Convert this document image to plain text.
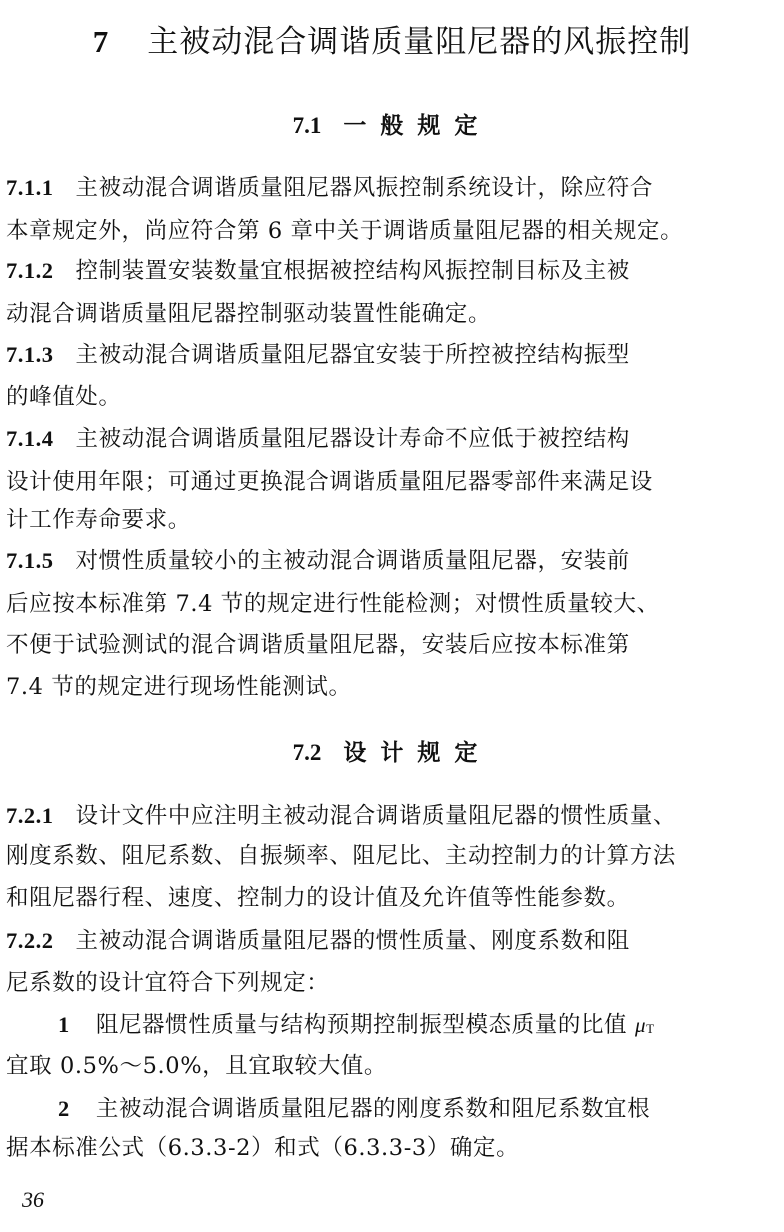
7 主被动混合调谐质量阻尼器的风振控制
7.1 一般规定
7.1.1 主被动混合调谐质量阻尼器风振控制系统设计，除应符合
本章规定外，尚应符合第 6 章中关于调谐质量阻尼器的相关规定。
7.1.2 控制装置安装数量宜根据被控结构风振控制目标及主被
动混合调谐质量阻尼器控制驱动装置性能确定。
7.1.3 主被动混合调谐质量阻尼器宜安装于所控被控结构振型
的峰值处。
7.1.4 主被动混合调谐质量阻尼器设计寿命不应低于被控结构
设计使用年限；可通过更换混合调谐质量阻尼器零部件来满足设
计工作寿命要求。
7.1.5 对惯性质量较小的主被动混合调谐质量阻尼器，安装前
后应按本标准第 7.4 节的规定进行性能检测；对惯性质量较大、
不便于试验测试的混合调谐质量阻尼器，安装后应按本标准第
7.4 节的规定进行现场性能测试。
7.2 设计规定
7.2.1 设计文件中应注明主被动混合调谐质量阻尼器的惯性质量、
刚度系数、阻尼系数、自振频率、阻尼比、主动控制力的计算方法
和阻尼器行程、速度、控制力的设计值及允许值等性能参数。
7.2.2 主被动混合调谐质量阻尼器的惯性质量、刚度系数和阻
尼系数的设计宜符合下列规定：
1 阻尼器惯性质量与结构预期控制振型模态质量的比值 $\mu_T$
宜取 0.5%～5.0%，且宜取较大值。
2 主被动混合调谐质量阻尼器的刚度系数和阻尼系数宜根
据本标准公式（6.3.3-2）和式（6.3.3-3）确定。
36
